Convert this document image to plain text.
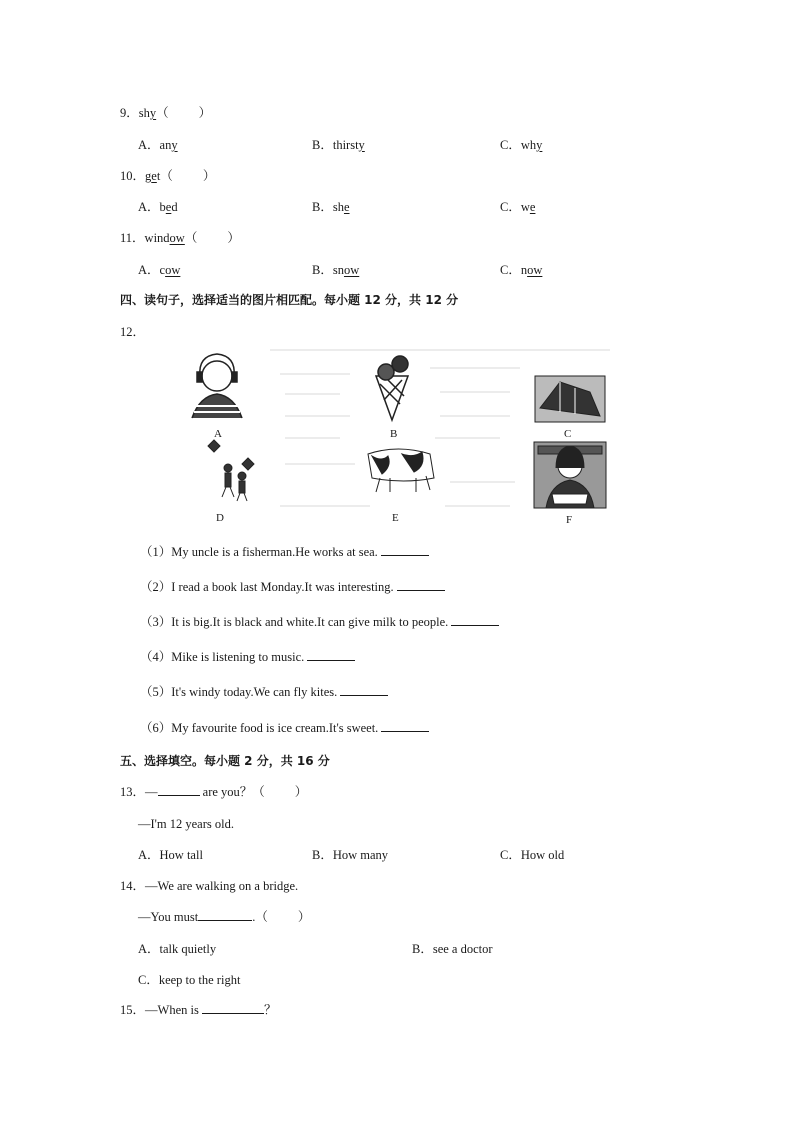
9．shy（ ）
A．any	B．thirsty	C．why
10．get（ ）
A．bed	B．she	C．we
11．window（ ）
A．cow	B．snow	C．now
四、读句子，选择适当的图片相匹配。每小题 12 分，共 12 分
12．
A	B	C
D	E	F
（1）My uncle is a fisherman.He works at sea.
（2）I read a book last Monday.It was interesting.
（3）It is big.It is black and white.It can give milk to people.
（4）Mike is listening to music.
（5）It's windy today.We can fly kites.
（6）My favourite food is ice cream.It's sweet.
五、选择填空。每小题 2 分，共 16 分
13．—	are you？（ ）
—I'm 12 years old.
A．How tall	B．How many	C．How old
14．—We are walking on a bridge.
—You must	.（ ）
A．talk quietly	B．see a doctor
C．keep to the right
15．—When is	？
